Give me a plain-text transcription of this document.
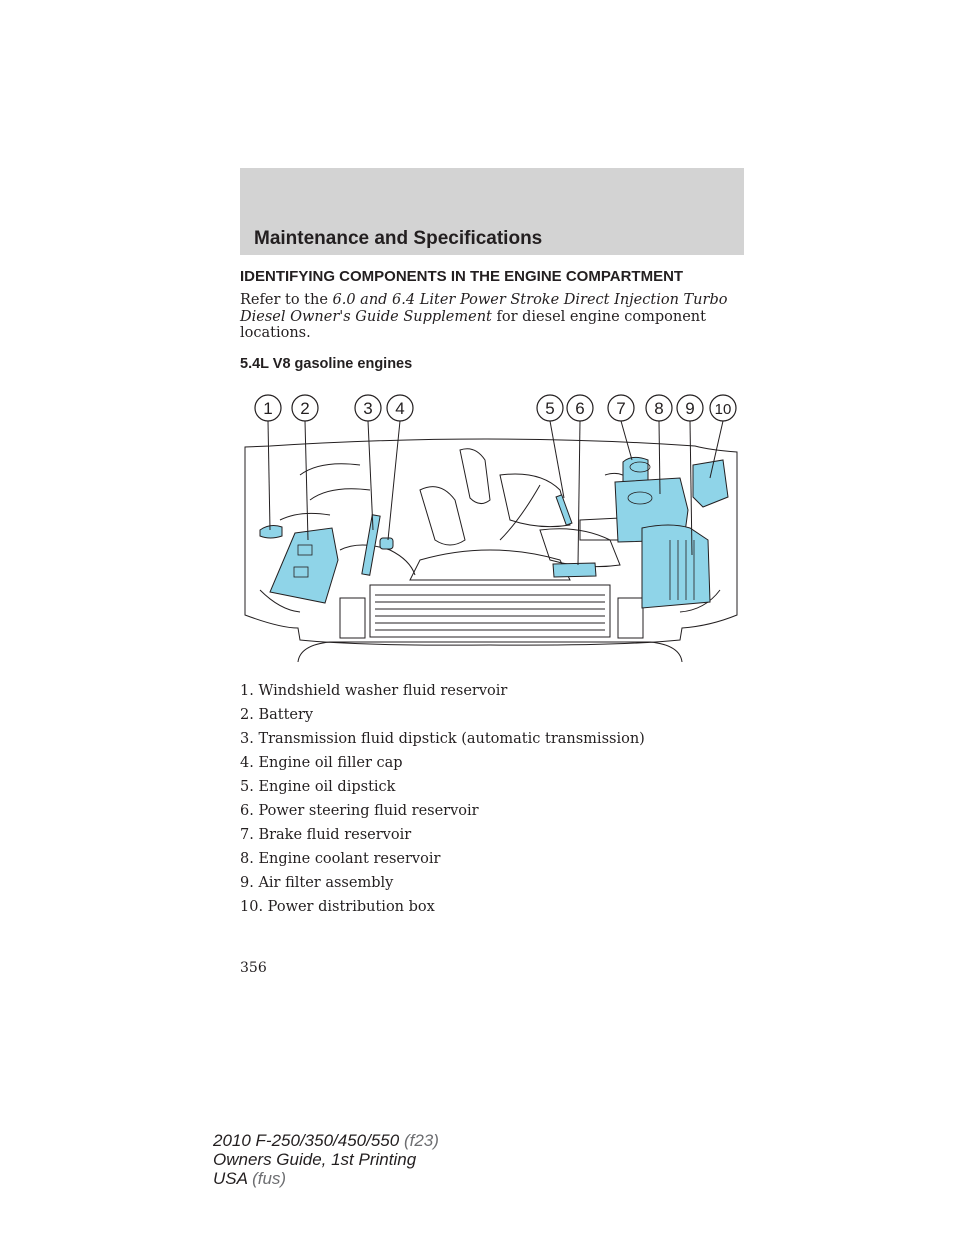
Maintenance and Specifications
IDENTIFYING COMPONENTS IN THE ENGINE COMPARTMENT
Refer to the 6.0 and 6.4 Liter Power Stroke Direct Injection Turbo Diesel Owner's Guide Supplement for diesel engine component locations.
5.4L V8 gasoline engines
1 2	3 4	5 6 7 8 9 10
1. Windshield washer fluid reservoir
2. Battery
3. Transmission fluid dipstick (automatic transmission)
4. Engine oil filler cap
5. Engine oil dipstick
6. Power steering fluid reservoir
7. Brake fluid reservoir
8. Engine coolant reservoir
9. Air filter assembly
10. Power distribution box
356
2010 F-250/350/450/550 (f23)
Owners Guide, 1st Printing
USA (fus)
